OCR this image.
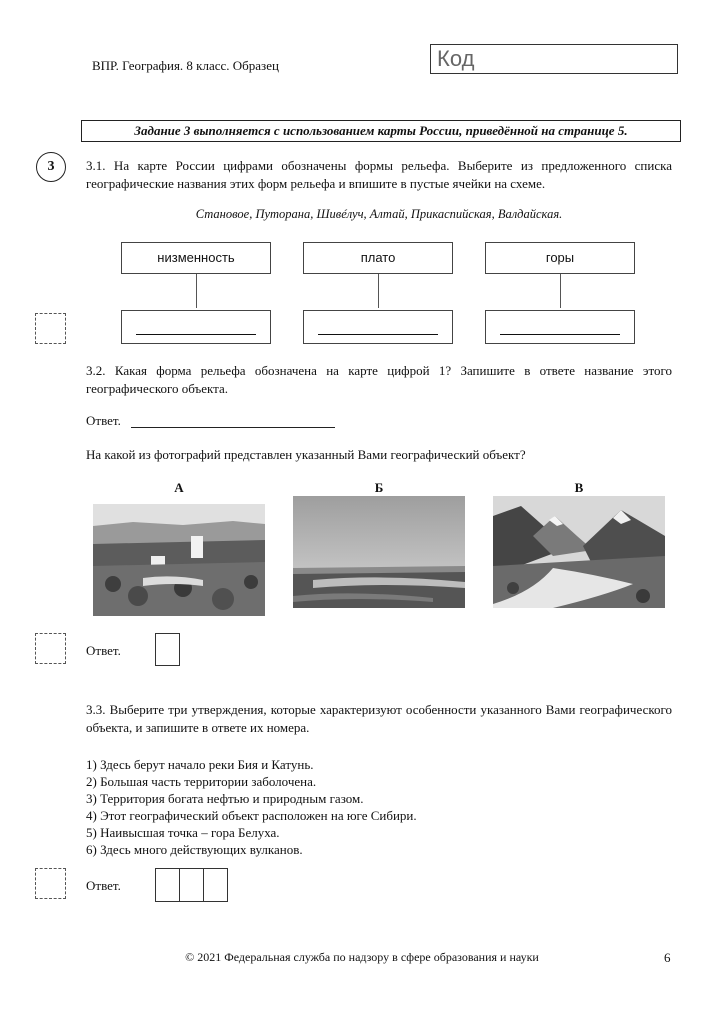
ВПР. География. 8 класс. Образец	Код
Задание 3 выполняется с использованием карты России, приведённой на странице 5.
3	3.1. На карте России цифрами обозначены формы рельефа. Выберите из предложенного списка географические названия этих форм рельефа и впишите в пустые ячейки на схеме.
Становое, Путорана, Шивéлуч, Алтай, Прикаспийская, Валдайская.
низменность	плато	горы
3.2. Какая форма рельефа обозначена на карте цифрой 1? Запишите в ответе название этого географического объекта.
Ответ.
На какой из фотографий представлен указанный Вами географический объект?
А	Б	В
Ответ.
3.3. Выберите три утверждения, которые характеризуют особенности указанного Вами географического объекта, и запишите в ответе их номера.
1) Здесь берут начало реки Бия и Катунь.
2) Большая часть территории заболочена.
3) Территория богата нефтью и природным газом.
4) Этот географический объект расположен на юге Сибири.
5) Наивысшая точка – гора Белуха.
6) Здесь много действующих вулканов.
Ответ.
© 2021 Федеральная служба по надзору в сфере образования и науки	6
